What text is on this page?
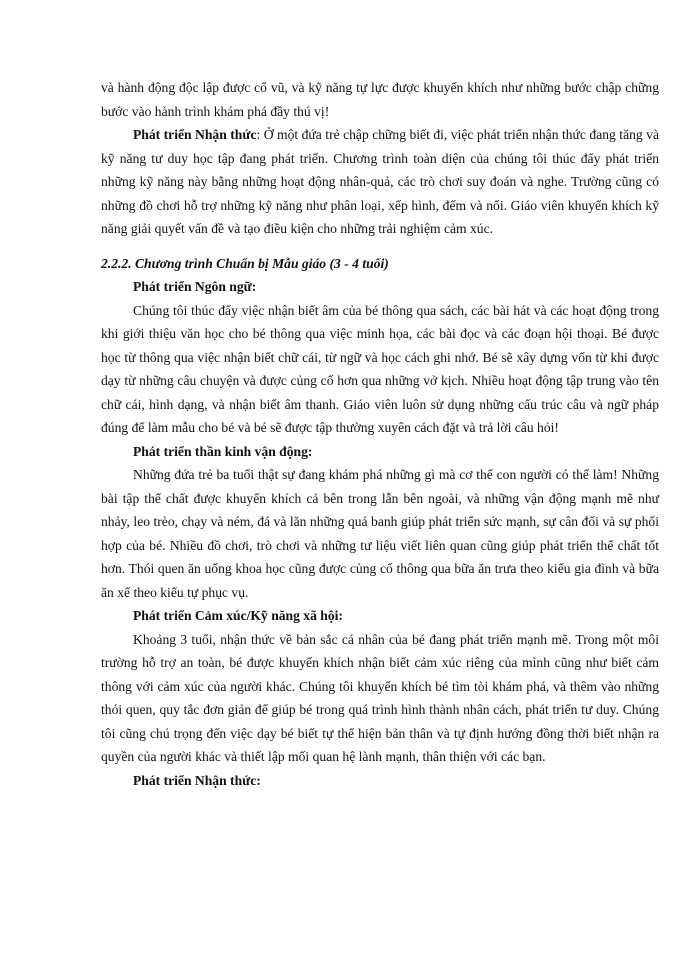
và hành động độc lập được cổ vũ, và kỹ năng tự lực được khuyến khích như những bước chập chững bước vào hành trình khám phá đầy thú vị!

Phát triển Nhận thức: Ở một đứa trẻ chập chững biết đi, việc phát triển nhận thức đang tăng và kỹ năng tư duy học tập đang phát triển. Chương trình toàn diện của chúng tôi thúc đẩy phát triển những kỹ năng này bằng những hoạt động nhân-quả, các trò chơi suy đoán và nghe. Trường cũng có những đồ chơi hỗ trợ những kỹ năng như phân loại, xếp hình, đếm và nối. Giáo viên khuyến khích kỹ năng giải quyết vấn đề và tạo điều kiện cho những trải nghiệm cảm xúc.

2.2.2. Chương trình Chuẩn bị Mẫu giáo (3 - 4 tuổi)

Phát triển Ngôn ngữ:

Chúng tôi thúc đẩy việc nhận biết âm của bé thông qua sách, các bài hát và các hoạt động trong khi giới thiệu văn học cho bé thông qua việc minh họa, các bài đọc và các đoạn hội thoại. Bé được học từ thông qua việc nhận biết chữ cái, từ ngữ và học cách ghi nhớ. Bé sẽ xây dựng vốn từ khi được dạy từ những câu chuyện và được củng cố hơn qua những vở kịch. Nhiều hoạt động tập trung vào tên chữ cái, hình dạng, và nhận biết âm thanh. Giáo viên luôn sử dụng những cấu trúc câu và ngữ pháp đúng để làm mẫu cho bé và bé sẽ được tập thường xuyên cách đặt và trả lời câu hỏi!

Phát triển thần kinh vận động:

Những đứa trẻ ba tuổi thật sự đang khám phá những gì mà cơ thể con người có thể làm! Những bài tập thể chất được khuyến khích cả bên trong lẫn bên ngoài, và những vận động mạnh mẽ như nhảy, leo trèo, chạy và ném, đá và lăn những quả banh giúp phát triển sức mạnh, sự cân đối và sự phối hợp của bé. Nhiều đồ chơi, trò chơi và những tư liệu viết liên quan cũng giúp phát triển thể chất tốt hơn. Thói quen ăn uống khoa học cũng được củng cố thông qua bữa ăn trưa theo kiểu gia đình và bữa ăn xế theo kiểu tự phục vụ.

Phát triển Cảm xúc/Kỹ năng xã hội:

Khoảng 3 tuổi, nhận thức về bản sắc cá nhân của bé đang phát triển mạnh mẽ. Trong một môi trường hỗ trợ an toàn, bé được khuyến khích nhận biết cảm xúc riêng của mình cũng như biết cảm thông với cảm xúc của người khác. Chúng tôi khuyến khích bé tìm tòi khám phá, và thêm vào những thói quen, quy tắc đơn giản để giúp bé trong quá trình hình thành nhân cách, phát triển tư duy. Chúng tôi cũng chú trọng đến việc dạy bé biết tự thể hiện bản thân và tự định hướng đồng thời biết nhận ra quyền của người khác và thiết lập mối quan hệ lành mạnh, thân thiện với các bạn.

Phát triển Nhận thức:
